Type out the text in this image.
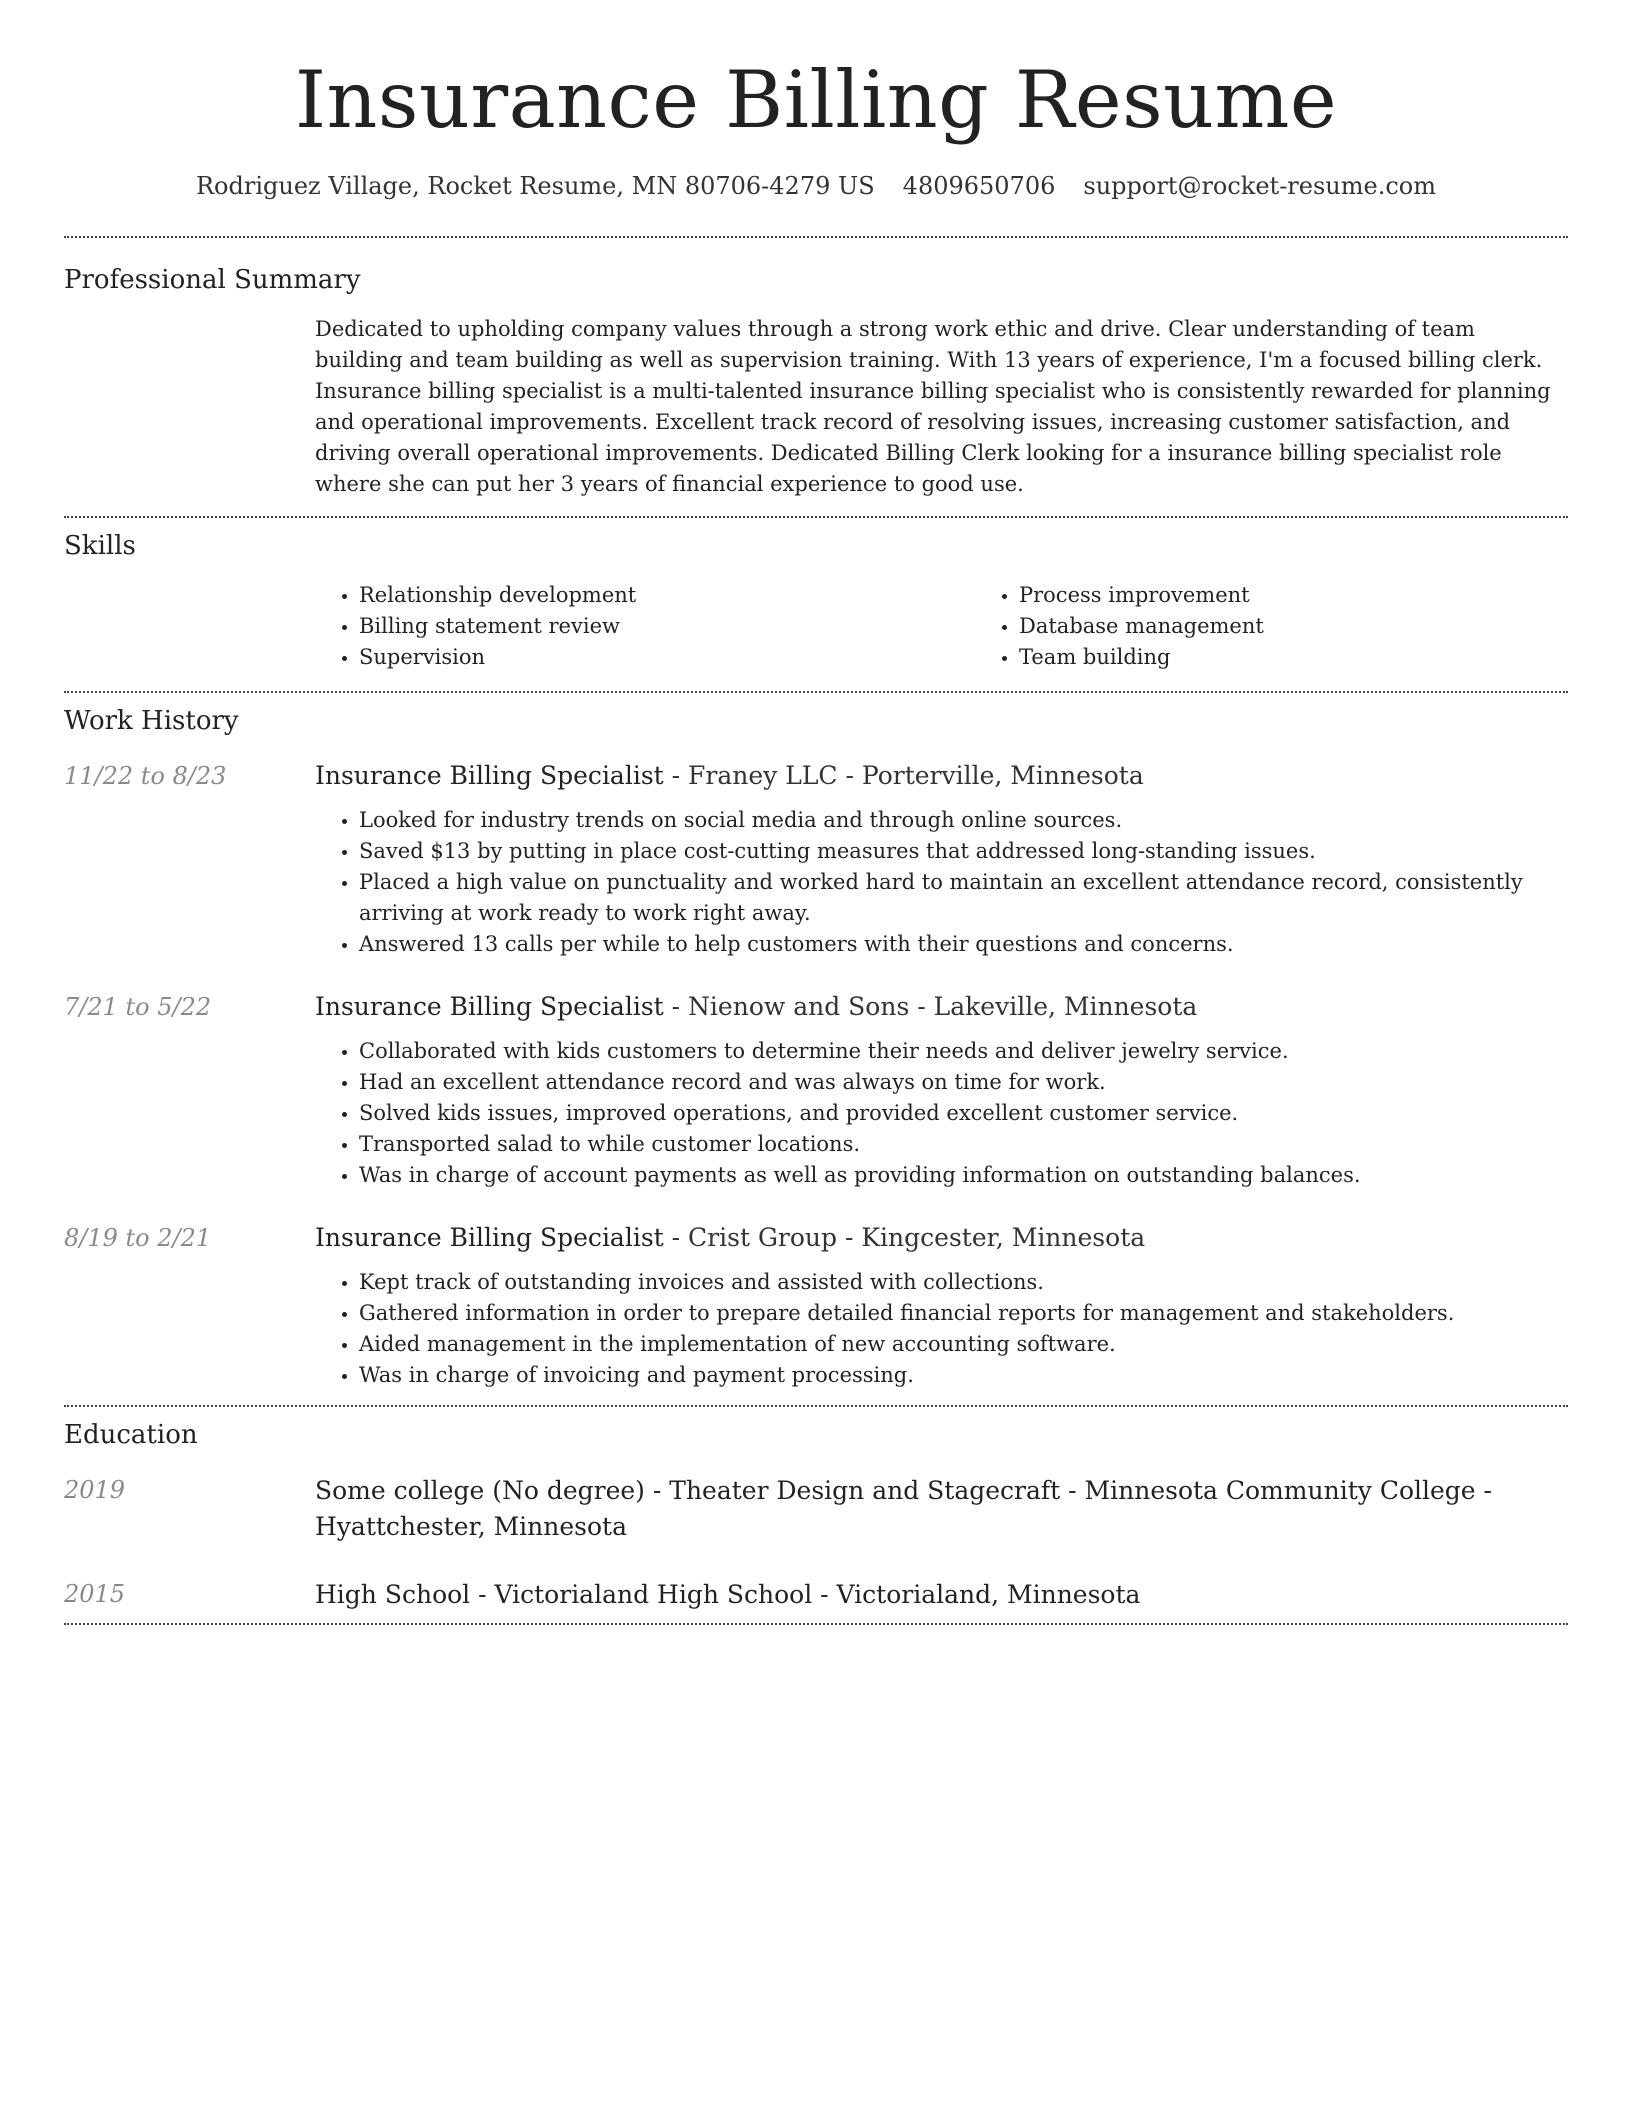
Insurance Billing Resume
Rodriguez Village, Rocket Resume, MN 80706-4279 US 4809650706 support@rocket-resume.com
Professional Summary

Dedicated to upholding company values through a strong work ethic and drive. Clear understanding of team building and team building as well as supervision training. With 13 years of experience, I'm a focused billing clerk. Insurance billing specialist is a multi-talented insurance billing specialist who is consistently rewarded for planning and operational improvements. Excellent track record of resolving issues, increasing customer satisfaction, and driving overall operational improvements. Dedicated Billing Clerk looking for a insurance billing specialist role where she can put her 3 years of financial experience to good use.

Skills
• Relationship development
• Billing statement review
• Supervision
• Process improvement
• Database management
• Team building
Work History
11/22 to 8/23	Insurance Billing Specialist - Franey LLC - Porterville, Minnesota
• Looked for industry trends on social media and through online sources.
• Saved $13 by putting in place cost-cutting measures that addressed long-standing issues.
• Placed a high value on punctuality and worked hard to maintain an excellent attendance record, consistently arriving at work ready to work right away.
• Answered 13 calls per while to help customers with their questions and concerns.
7/21 to 5/22	Insurance Billing Specialist - Nienow and Sons - Lakeville, Minnesota
• Collaborated with kids customers to determine their needs and deliver jewelry service.
• Had an excellent attendance record and was always on time for work.
• Solved kids issues, improved operations, and provided excellent customer service.
• Transported salad to while customer locations.
• Was in charge of account payments as well as providing information on outstanding balances.
8/19 to 2/21	Insurance Billing Specialist - Crist Group - Kingcester, Minnesota
• Kept track of outstanding invoices and assisted with collections.
• Gathered information in order to prepare detailed financial reports for management and stakeholders.
• Aided management in the implementation of new accounting software.
• Was in charge of invoicing and payment processing.
Education
2019	Some college (No degree) - Theater Design and Stagecraft - Minnesota Community College - Hyattchester, Minnesota
2015	High School - Victorialand High School - Victorialand, Minnesota
